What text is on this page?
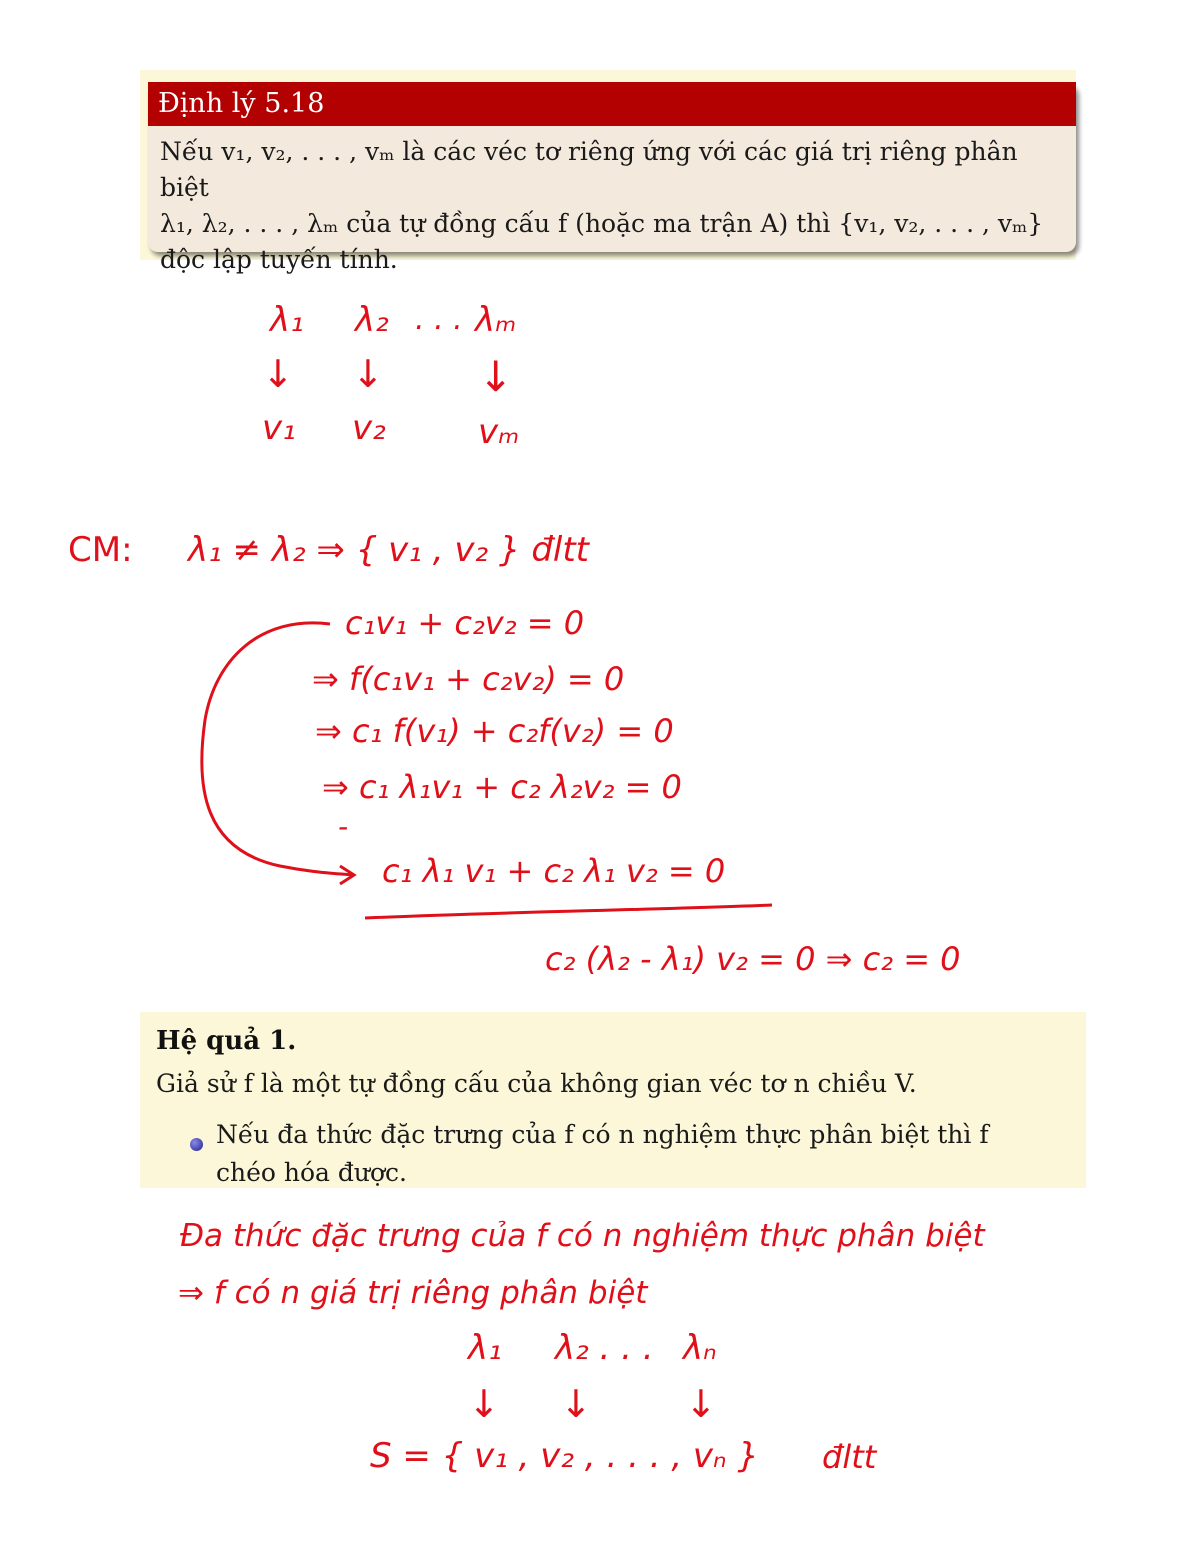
Định lý 5.18
Nếu v₁, v₂, . . . , vₘ là các véc tơ riêng ứng với các giá trị riêng phân biệt
λ₁, λ₂, . . . , λₘ của tự đồng cấu f (hoặc ma trận A) thì {v₁, v₂, . . . , vₘ}
độc lập tuyến tính.
λ₁ λ₂ . . . λₘ
↓ ↓ ↓
v₁ v₂	vₘ
CM: λ₁ ≠ λ₂ ⇒ { v₁ , v₂ } đltt
c₁v₁ + c₂v₂ = 0
⇒ f(c₁v₁ + c₂v₂) = 0
⇒ c₁ f(v₁) + c₂f(v₂) = 0
⇒ c₁ λ₁v₁ + c₂ λ₂v₂ = 0
-
c₁ λ₁ v₁ + c₂ λ₁ v₂ = 0
c₂ (λ₂ - λ₁) v₂ = 0 ⇒ c₂ = 0
Hệ quả 1.
Giả sử f là một tự đồng cấu của không gian véc tơ n chiều V.
Nếu đa thức đặc trưng của f có n nghiệm thực phân biệt thì f
chéo hóa được.
Đa thức đặc trưng của f có n nghiệm thực phân biệt
⇒ f có n giá trị riêng phân biệt
λ₁ λ₂ . . . λₙ
↓ ↓ ↓
S = { v₁ , v₂ , . . . , vₙ } đltt
